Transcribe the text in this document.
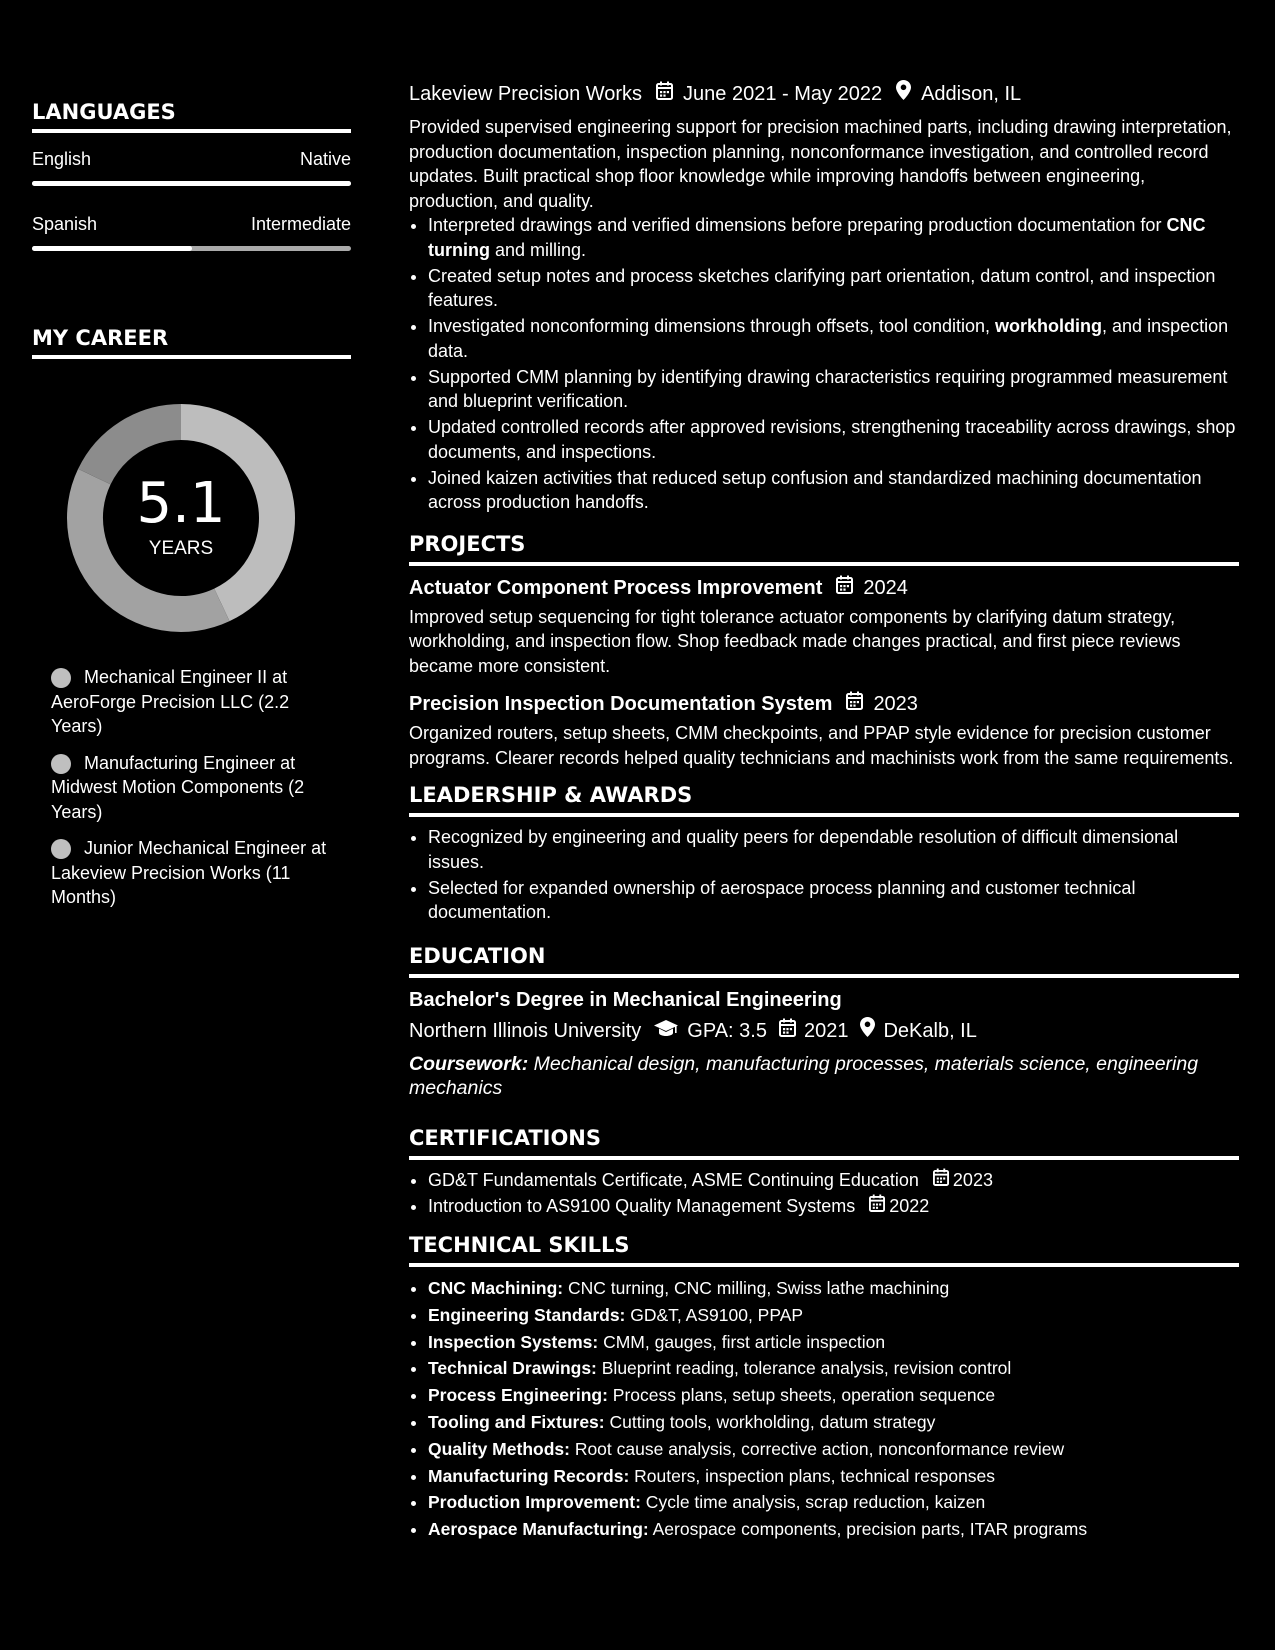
LANGUAGES
English	Native
Spanish	Intermediate
MY CAREER
5.1
YEARS
Mechanical Engineer II at AeroForge Precision LLC (2.2 Years)
Manufacturing Engineer at Midwest Motion Components (2 Years)
Junior Mechanical Engineer at Lakeview Precision Works (11 Months)
Lakeview Precision Works June 2021 - May 2022 Addison, IL

Provided supervised engineering support for precision machined parts, including drawing interpretation, production documentation, inspection planning, nonconformance investigation, and controlled record updates. Built practical shop floor knowledge while improving handoffs between engineering, production, and quality.

• Interpreted drawings and verified dimensions before preparing production documentation for CNC turning and milling.
• Created setup notes and process sketches clarifying part orientation, datum control, and inspection features.
• Investigated nonconforming dimensions through offsets, tool condition, workholding, and inspection data.
• Supported CMM planning by identifying drawing characteristics requiring programmed measurement and blueprint verification.
• Updated controlled records after approved revisions, strengthening traceability across drawings, shop documents, and inspections.
• Joined kaizen activities that reduced setup confusion and standardized machining documentation across production handoffs.
PROJECTS
Actuator Component Process Improvement 2024

Improved setup sequencing for tight tolerance actuator components by clarifying datum strategy, workholding, and inspection flow. Shop feedback made changes practical, and first piece reviews became more consistent.

Precision Inspection Documentation System 2023

Organized routers, setup sheets, CMM checkpoints, and PPAP style evidence for precision customer programs. Clearer records helped quality technicians and machinists work from the same requirements.

LEADERSHIP & AWARDS
• Recognized by engineering and quality peers for dependable resolution of difficult dimensional issues.
• Selected for expanded ownership of aerospace process planning and customer technical documentation.
EDUCATION
Bachelor's Degree in Mechanical Engineering
Northern Illinois University GPA: 3.5 2021 DeKalb, IL
Coursework: Mechanical design, manufacturing processes, materials science, engineering mechanics
CERTIFICATIONS
• GD&T Fundamentals Certificate, ASME Continuing Education 2023
• Introduction to AS9100 Quality Management Systems 2022
TECHNICAL SKILLS
• CNC Machining: CNC turning, CNC milling, Swiss lathe machining
• Engineering Standards: GD&T, AS9100, PPAP
• Inspection Systems: CMM, gauges, first article inspection
• Technical Drawings: Blueprint reading, tolerance analysis, revision control
• Process Engineering: Process plans, setup sheets, operation sequence
• Tooling and Fixtures: Cutting tools, workholding, datum strategy
• Quality Methods: Root cause analysis, corrective action, nonconformance review
• Manufacturing Records: Routers, inspection plans, technical responses
• Production Improvement: Cycle time analysis, scrap reduction, kaizen
• Aerospace Manufacturing: Aerospace components, precision parts, ITAR programs
